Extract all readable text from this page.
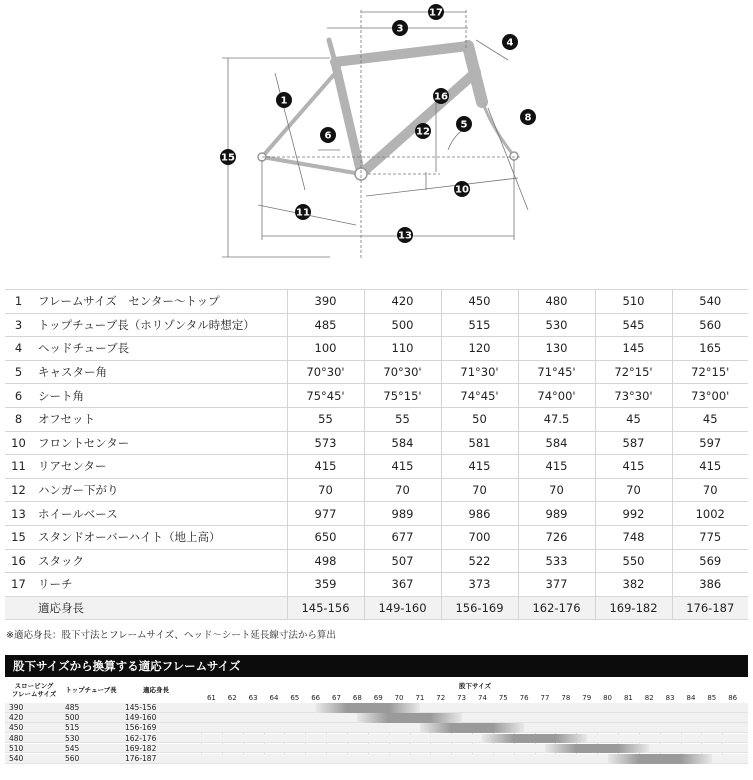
17
3
4
1	16
8
5
6	12
15
10
11
13
1	フレームサイズ　センター〜トップ	390	420	450	480	510	540
3	トップチューブ長（ホリゾンタル時想定）	485	500	515	530	545	560
4	ヘッドチューブ長	100	110	120	130	145	165
5	キャスター角	70°30'	70°30'	71°30'	71°45'	72°15'	72°15'
6	シート角	75°45'	75°15'	74°45'	74°00'	73°30'	73°00'
8	オフセット	55	55	50	47.5	45	45
10	フロントセンター	573	584	581	584	587	597
11	リアセンター	415	415	415	415	415	415
12	ハンガー下がり	70	70	70	70	70	70
13	ホイールベース	977	989	986	989	992	1002
15	スタンドオーバーハイト（地上高）	650	677	700	726	748	775
16	スタック	498	507	522	533	550	569
17	リーチ	359	367	373	377	382	386
	適応身長	145-156	149-160	156-169	162-176	169-182	176-187
※適応身長：股下寸法とフレームサイズ、ヘッド〜シート延長線寸法から算出
股下サイズから換算する適応フレームサイズ
スロービング
フレームサイズ	トップチューブ長	適応身長	股下サイズ
61	62	63	64	65	66	67	68	69	70	71	72	73	74	75	76	77	78	79	80	81	82	83	84	85	86
390	485	145-156
420	500	149-160
450	515	156-169
480	530	162-176
510	545	169-182
540	560	176-187
